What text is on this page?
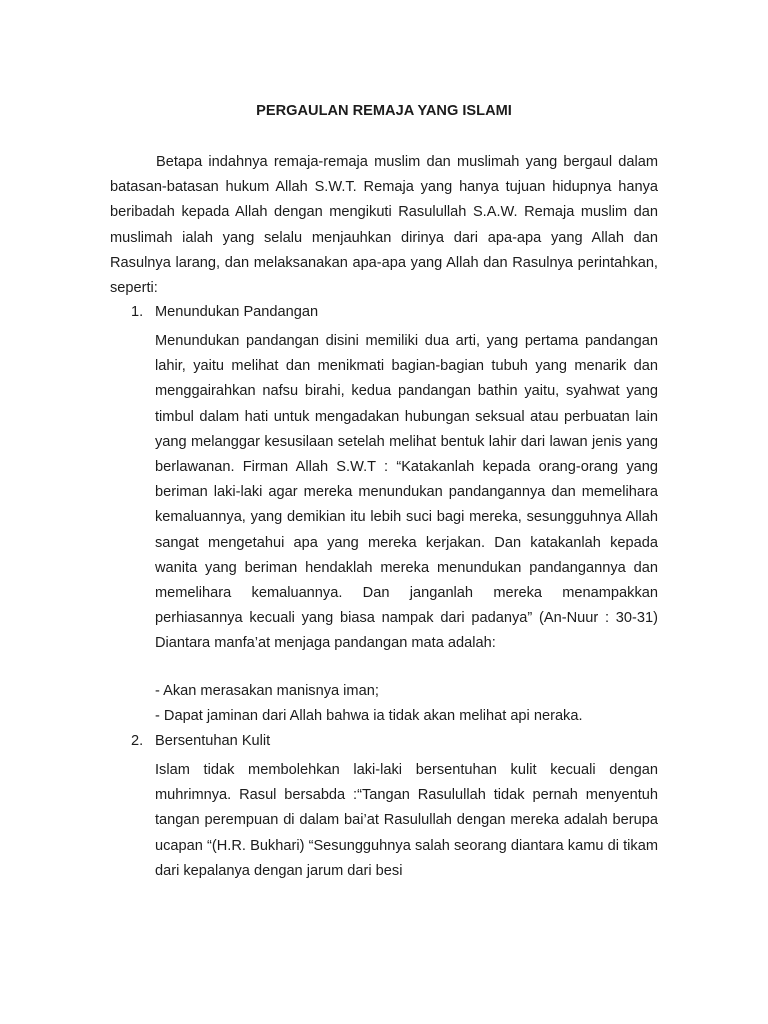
PERGAULAN REMAJA YANG ISLAMI

Betapa indahnya remaja-remaja muslim dan muslimah yang bergaul dalam batasan-batasan hukum Allah S.W.T. Remaja yang hanya tujuan hidupnya hanya beribadah kepada Allah dengan mengikuti Rasulullah S.A.W. Remaja muslim dan muslimah ialah yang selalu menjauhkan dirinya dari apa-apa yang Allah dan Rasulnya larang, dan melaksanakan apa-apa yang Allah dan Rasulnya perintahkan, seperti:

1. Menundukan Pandangan

Menundukan pandangan disini memiliki dua arti, yang pertama pandangan lahir, yaitu melihat dan menikmati bagian-bagian tubuh yang menarik dan menggairahkan nafsu birahi, kedua pandangan bathin yaitu, syahwat yang timbul dalam hati untuk mengadakan hubungan seksual atau perbuatan lain yang melanggar kesusilaan setelah melihat bentuk lahir dari lawan jenis yang berlawanan. Firman Allah S.W.T : “Katakanlah kepada orang-orang yang beriman laki-laki agar mereka menundukan pandangannya dan memelihara kemaluannya, yang demikian itu lebih suci bagi mereka, sesungguhnya Allah sangat mengetahui apa yang mereka kerjakan. Dan katakanlah kepada wanita yang beriman hendaklah mereka menundukan pandangannya dan memelihara kemaluannya. Dan janganlah mereka menampakkan perhiasannya kecuali yang biasa nampak dari padanya” (An-Nuur : 30-31) Diantara manfa’at menjaga pandangan mata adalah:

- Akan merasakan manisnya iman;
- Dapat jaminan dari Allah bahwa ia tidak akan melihat api neraka.
2. Bersentuhan Kulit

Islam tidak membolehkan laki-laki bersentuhan kulit kecuali dengan muhrimnya. Rasul bersabda :“Tangan Rasulullah tidak pernah menyentuh tangan perempuan di dalam bai’at Rasulullah dengan mereka adalah berupa ucapan “(H.R. Bukhari) “Sesungguhnya salah seorang diantara kamu di tikam dari kepalanya dengan jarum dari besi
